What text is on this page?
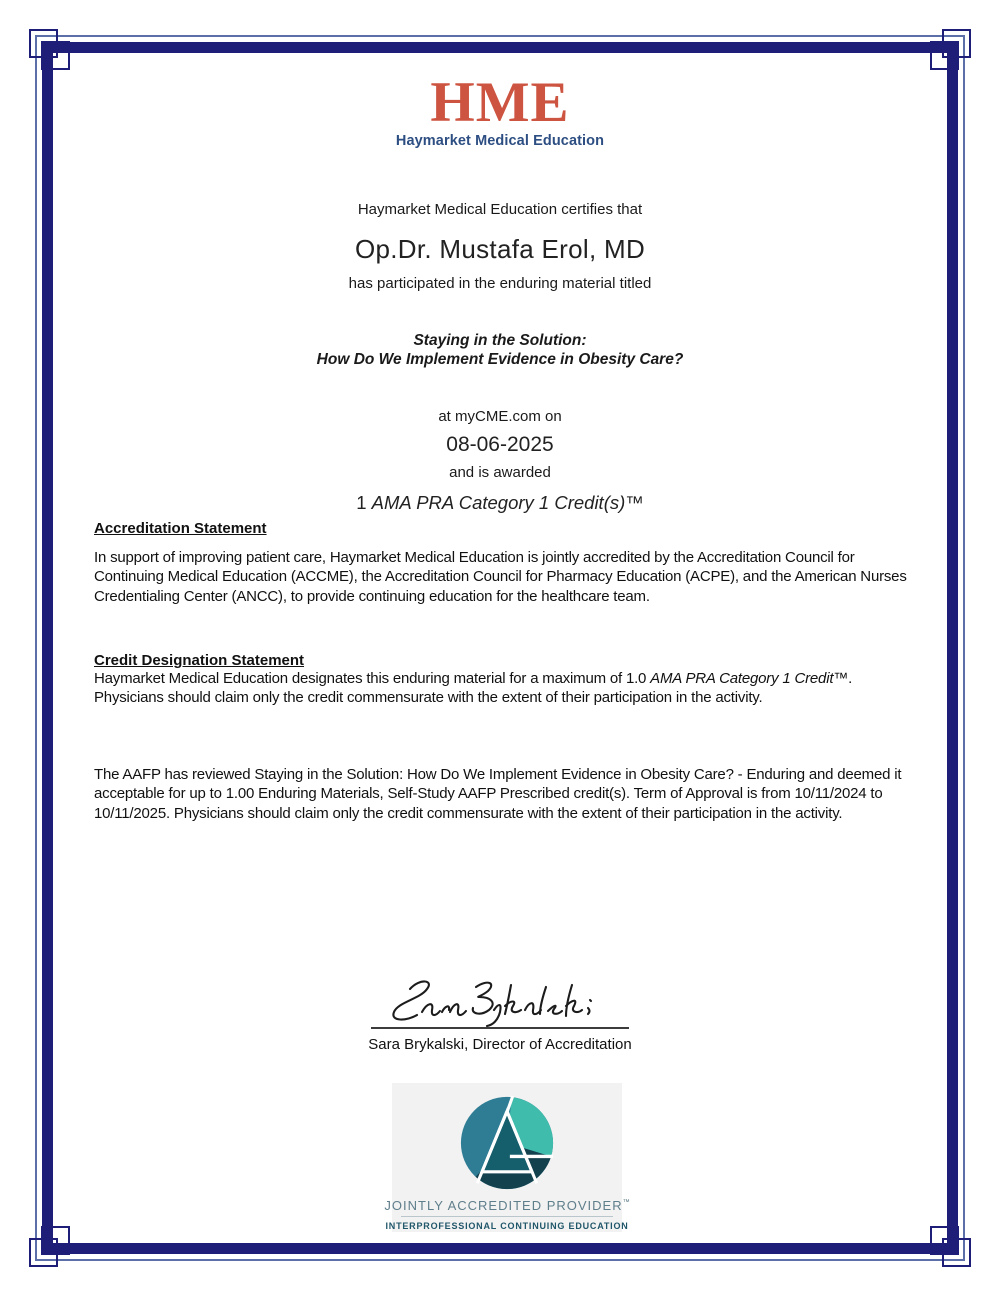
HME
Haymarket Medical Education
Haymarket Medical Education certifies that
Op.Dr. Mustafa Erol, MD
has participated in the enduring material titled
Staying in the Solution:
How Do We Implement Evidence in Obesity Care?
at myCME.com on
08-06-2025
and is awarded
1 AMA PRA Category 1 Credit(s)™
Accreditation Statement
In support of improving patient care, Haymarket Medical Education is jointly accredited by the Accreditation Council for Continuing Medical Education (ACCME), the Accreditation Council for Pharmacy Education (ACPE), and the American Nurses Credentialing Center (ANCC), to provide continuing education for the healthcare team.
Credit Designation Statement
Haymarket Medical Education designates this enduring material for a maximum of 1.0 AMA PRA Category 1 Credit™. Physicians should claim only the credit commensurate with the extent of their participation in the activity.
The AAFP has reviewed Staying in the Solution: How Do We Implement Evidence in Obesity Care? - Enduring and deemed it acceptable for up to 1.00 Enduring Materials, Self-Study AAFP Prescribed credit(s). Term of Approval is from 10/11/2024 to 10/11/2025. Physicians should claim only the credit commensurate with the extent of their participation in the activity.
Sara Brykalski, Director of Accreditation
JOINTLY ACCREDITED PROVIDER™
INTERPROFESSIONAL CONTINUING EDUCATION
